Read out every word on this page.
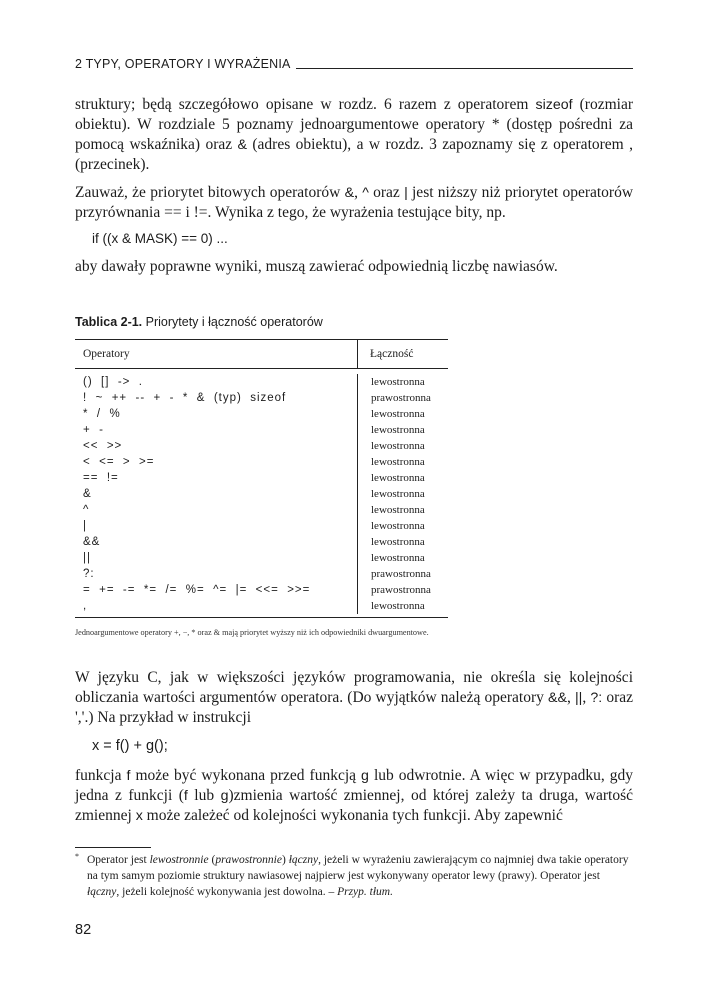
2 TYPY, OPERATORY I WYRAŻENIA

struktury; będą szczegółowo opisane w rozdz. 6 razem z operatorem sizeof (rozmiar obiektu). W rozdziale 5 poznamy jednoargumentowe operatory * (dostęp pośredni za pomocą wskaźnika) oraz & (adres obiektu), a w rozdz. 3 zapoznamy się z operatorem , (przecinek).

Zauważ, że priorytet bitowych operatorów &, ^ oraz | jest niższy niż priorytet operatorów przyrównania == i !=. Wynika z tego, że wyrażenia testujące bity, np.

if ((x & MASK) == 0) ...
aby dawały poprawne wyniki, muszą zawierać odpowiednią liczbę nawiasów.
Tablica 2-1. Priorytety i łączność operatorów
Operatory	Łączność
()  []  ->  .
!  ~  ++  --  +  -  *  &  (typ)  sizeof
*  /  %
+  -
<<  >>
<  <=  >  >=
==  !=
&
^
|
&&
||
?:
=  +=  -=  *=  /=  %=  ^=  |=  <<=  >>=
,
lewostronna
prawostronna
lewostronna
lewostronna
lewostronna
lewostronna
lewostronna
lewostronna
lewostronna
lewostronna
lewostronna
lewostronna
prawostronna
prawostronna
lewostronna
Jednoargumentowe operatory +, −, * oraz & mają priorytet wyższy niż ich odpowiedniki dwuargumentowe.

W języku C, jak w większości języków programowania, nie określa się kolejności obliczania wartości argumentów operatora. (Do wyjątków należą operatory &&, ||, ?: oraz ','.) Na przykład w instrukcji

x = f() + g();

funkcja f może być wykonana przed funkcją g lub odwrotnie. A więc w przypadku, gdy jedna z funkcji (f lub g)zmienia wartość zmiennej, od której zależy ta druga, wartość zmiennej x może zależeć od kolejności wykonania tych funkcji. Aby zapewnić

* Operator jest lewostronnie (prawostronnie) łączny, jeżeli w wyrażeniu zawierającym co najmniej dwa takie operatory na tym samym poziomie struktury nawiasowej najpierw jest wykonywany operator lewy (prawy). Operator jest łączny, jeżeli kolejność wykonywania jest dowolna. – Przyp. tłum.
82
